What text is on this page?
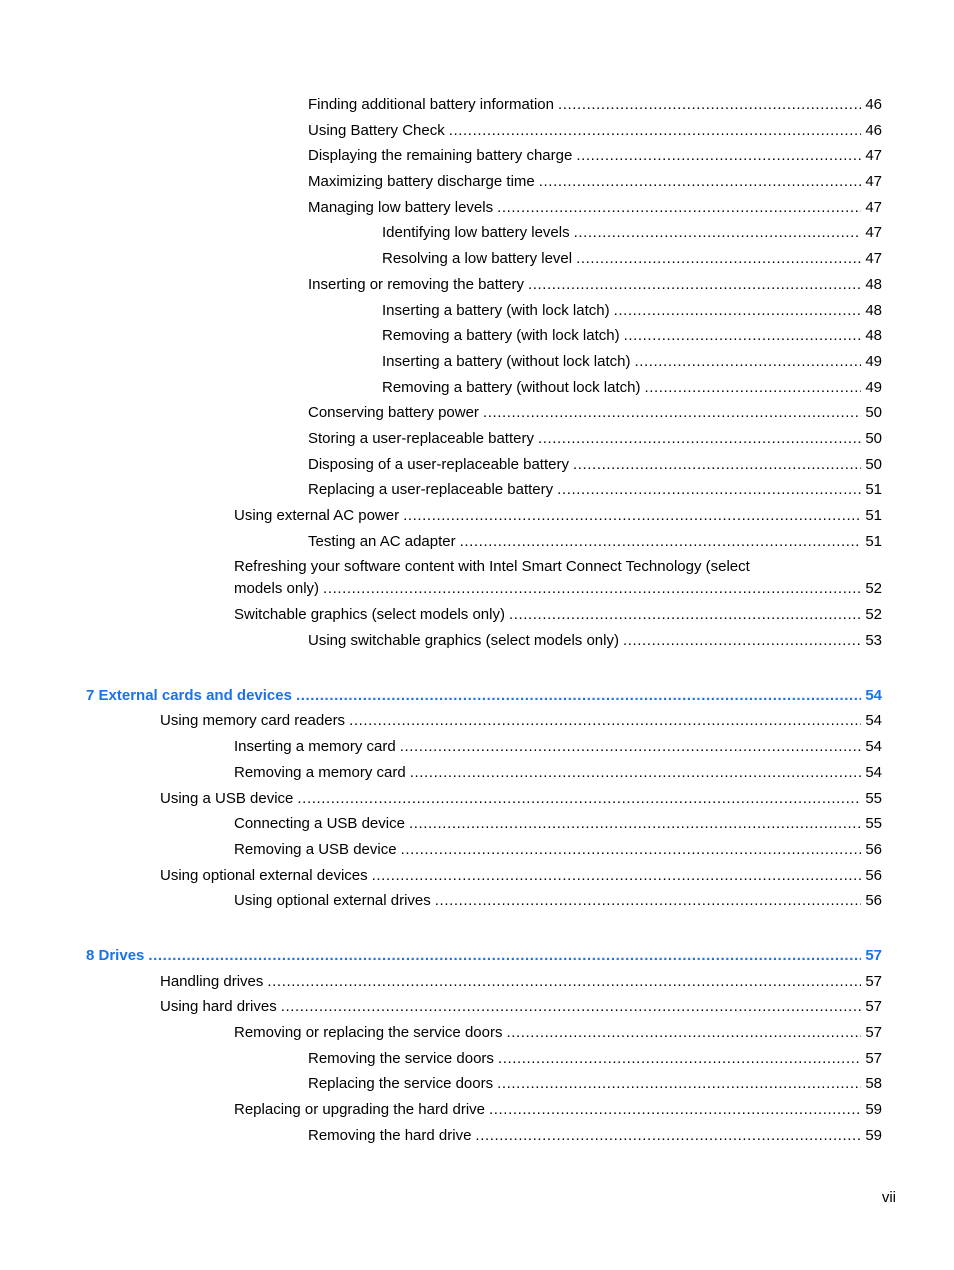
Finding additional battery information .....	46
Using Battery Check .....	46
Displaying the remaining battery charge .....	47
Maximizing battery discharge time .....	47
Managing low battery levels .....	47
Identifying low battery levels .....	47
Resolving a low battery level .....	47
Inserting or removing the battery .....	48
Inserting a battery (with lock latch) .....	48
Removing a battery (with lock latch) .....	48
Inserting a battery (without lock latch) .....	49
Removing a battery (without lock latch) .....	49
Conserving battery power .....	50
Storing a user-replaceable battery .....	50
Disposing of a user-replaceable battery .....	50
Replacing a user-replaceable battery .....	51
Using external AC power .....	51
Testing an AC adapter .....	51
Refreshing your software content with Intel Smart Connect Technology (select
models only) .....	52
Switchable graphics (select models only) .....	52
Using switchable graphics (select models only) .....	53
7 External cards and devices .....	54
Using memory card readers .....	54
Inserting a memory card .....	54
Removing a memory card .....	54
Using a USB device .....	55
Connecting a USB device .....	55
Removing a USB device .....	56
Using optional external devices .....	56
Using optional external drives .....	56
8 Drives .....	57
Handling drives .....	57
Using hard drives .....	57
Removing or replacing the service doors .....	57
Removing the service doors .....	57
Replacing the service doors .....	58
Replacing or upgrading the hard drive .....	59
Removing the hard drive .....	59
vii
